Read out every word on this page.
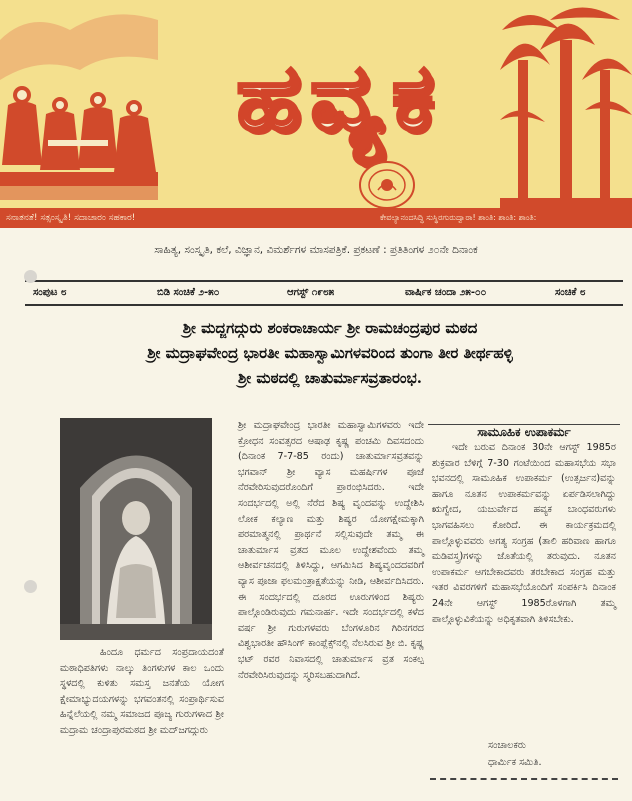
ಹವ್ಯಕ
ಸನಾತನತೆ! ಸತ್ಸಂಸ್ಕೃತಿ! ಸದಾಚಾರಂ ಸಹಕಾರ!	ಕೇವಲ್ಯಾನಂದಸಿದ್ಧಿ ಸುಸ್ಥಿರಗುರುದ್ವಾರಾ! ಶಾಂತಿ: ಶಾಂತಿ: ಶಾಂತಿ:
ಸಾಹಿತ್ಯ, ಸಂಸ್ಕೃತಿ, ಕಲೆ, ವಿಜ್ಞಾನ, ವಿಮರ್ಶೆಗಳ ಮಾಸಪತ್ರಿಕೆ. ಪ್ರಕಟಣೆ : ಪ್ರತಿತಿಂಗಳ ೨೦ನೇ ದಿನಾಂಕ
ಸಂಪುಟ ೮	ಬಿಡಿ ಸಂಚಿಕೆ ೨-೫೦	ಆಗಸ್ಟ್ ೧೯೮೫	ವಾರ್ಷಿಕ ಚಂದಾ ೨೫-೦೦	ಸಂಚಿಕೆ ೮
ಶ್ರೀ ಮದ್ಜಗದ್ಗುರು ಶಂಕರಾಚಾರ್ಯ ಶ್ರೀ ರಾಮಚಂದ್ರಪುರ ಮಠದ
ಶ್ರೀ ಮದ್ರಾಘವೇಂದ್ರ ಭಾರತೀ ಮಹಾಸ್ವಾಮಿಗಳವರಿಂದ ತುಂಗಾ ತೀರ ತೀರ್ಥಹಳ್ಳಿ
ಶ್ರೀ ಮಠದಲ್ಲಿ ಚಾತುರ್ಮಾಸವ್ರತಾರಂಭ.

ಹಿಂದೂ ಧರ್ಮದ ಸಂಪ್ರದಾಯದಂತೆ ಮಠಾಧಿಪತಿಗಳು ನಾಲ್ಕು ತಿಂಗಳುಗಳ ಕಾಲ ಒಂದು ಸ್ಥಳದಲ್ಲಿ ಕುಳಿತು ಸಮಸ್ತ ಜನತೆಯ ಯೋಗ ಕ್ಷೇಮಾಭ್ಯುದಯಗಳನ್ನು ಭಗವಂತನಲ್ಲಿ ಸಂಪ್ರಾರ್ಥಿಸುವ ಹಿನ್ನೆಲೆಯಲ್ಲಿ ನಮ್ಮ ಸಮಾಜದ ಪೂಜ್ಯ ಗುರುಗಳಾದ ಶ್ರೀ ಮದ್ರಾಮ ಚಂದ್ರಾಪುರಮಠದ ಶ್ರೀ ಮದ್‌ಜಗದ್ಗುರು

ಶ್ರೀ ಮದ್ರಾಘವೇಂದ್ರ ಭಾರತೀ ಮಹಾಸ್ವಾಮಿಗಳವರು ಇದೇ ಕ್ರೋಧನ ಸಂವತ್ಸರದ ಆಷಾಢ ಕೃಷ್ಣ ಪಂಚಮಿ ದಿವಸದಂದು (ದಿನಾಂಕ 7-7-85 ರಂದು) ಚಾತುರ್ಮಾಸವ್ರತವನ್ನು ಭಗವಾನ್ ಶ್ರೀ ವ್ಯಾಸ ಮಹರ್ಷಿಗಳ ಪೂಜೆ ನೆರವೇರಿಸುವುದರೊಂದಿಗೆ ಪ್ರಾರಂಭಿಸಿದರು. ಇದೇ ಸಂದರ್ಭದಲ್ಲಿ ಅಲ್ಲಿ ನೆರೆದ ಶಿಷ್ಯ ವೃಂದವನ್ನು ಉದ್ದೇಶಿಸಿ ಲೋಕ ಕಲ್ಯಾಣ ಮತ್ತು ಶಿಷ್ಯರ ಯೋಗಕ್ಷೇಮಕ್ಕಾಗಿ ಪರಮಾತ್ಮನಲ್ಲಿ ಪ್ರಾರ್ಥನೆ ಸಲ್ಲಿಸುವುದೇ ತಮ್ಮ ಈ ಚಾತುರ್ಮಾಸ ವ್ರತದ ಮೂಲ ಉದ್ದೇಶವೆಂದು ತಮ್ಮ ಆಶೀರ್ವಚನದಲ್ಲಿ ತಿಳಿಸಿದ್ದು, ಆಗಮಿಸಿದ ಶಿಷ್ಯವೃಂದದವರಿಗೆ ವ್ಯಾಸ ಪೂಜಾ ಫಲಮಂತ್ರಾಕ್ಷತೆಯನ್ನು ನೀಡಿ, ಆಶೀರ್ವದಿಸಿದರು. ಈ ಸಂದರ್ಭದಲ್ಲಿ ದೂರದ ಊರುಗಳಿಂದ ಶಿಷ್ಯರು ಪಾಲ್ಗೊಂಡಿರುವುದು ಗಮನಾರ್ಹ. ಇದೇ ಸಂದರ್ಭದಲ್ಲಿ ಕಳೆದ ವರ್ಷ ಶ್ರೀ ಗುರುಗಳವರು ಬೆಂಗಳೂರಿನ ಗಿರಿನಗರದ ವಿಶ್ವಭಾರತೀ ಹೌಸಿಂಗ್ ಕಾಂಪ್ಲೆಕ್ಸ್‌ನಲ್ಲಿ ನೆಲಸಿರುವ ಶ್ರೀ ಬಿ. ಕೃಷ್ಣ ಭಟ್ ರವರ ನಿವಾಸದಲ್ಲಿ ಚಾತುರ್ಮಾಸ ವ್ರತ ಸಂಕಲ್ಪ ನೆರವೇರಿಸಿರುವುದನ್ನು ಸ್ಮರಿಸಬಹುದಾಗಿದೆ.

ಸಾಮೂಹಿಕ ಉಪಾಕರ್ಮ

ಇದೇ ಬರುವ ದಿನಾಂಕ 30ನೇ ಆಗಸ್ಟ್ 1985ರ ಶುಕ್ರವಾರ ಬೆಳಿಗ್ಗೆ 7-30 ಗಂಟೆಯಿಂದ ಮಹಾಸಭೆಯ ಸಭಾ ಭವನದಲ್ಲಿ ಸಾಮೂಹಿಕ ಉಪಾಕರ್ಮ (ಉತ್ಸರ್ಜನ)ವನ್ನು ಹಾಗೂ ನೂತನ ಉಪಾಕರ್ಮವನ್ನು ಏರ್ಪಡಿಸಲಾಗಿದ್ದು ಋಗ್ವೇದ, ಯಜುರ್ವೇದ ಹವ್ಯಕ ಬಾಂಧವರುಗಳು ಭಾಗವಹಿಸಲು ಕೋರಿದೆ. ಈ ಕಾರ್ಯಕ್ರಮದಲ್ಲಿ ಪಾಲ್ಗೊಳ್ಳುವವರು ಅಗತ್ಯ ಸಂಗ್ರಹ (ತಾಲಿ ಹರಿವಾಣ ಹಾಗೂ ಮಡಿವಸ್ತ್ರ)ಗಳನ್ನು ಜೊತೆಯಲ್ಲಿ ತರುವುದು. ನೂತನ ಉಪಾಕರ್ಮ ಆಗಬೇಕಾದವರು ತರಬೇಕಾದ ಸಂಗ್ರಹ ಮತ್ತು ಇತರ ವಿವರಗಳಿಗೆ ಮಹಾಸಭೆಯೊಂದಿಗೆ ಸಂಪರ್ಕಿಸಿ ದಿನಾಂಕ 24ನೇ ಆಗಸ್ಟ್ 1985ರೊಳಗಾಗಿ ತಮ್ಮ ಪಾಲ್ಗೊಳ್ಳುವಿಕೆಯನ್ನು ಅಧಿಕೃತವಾಗಿ ತಿಳಿಸಬೇಕು.

ಸಂಚಾಲಕರು
ಧಾರ್ಮಿಕ ಸಮಿತಿ.
